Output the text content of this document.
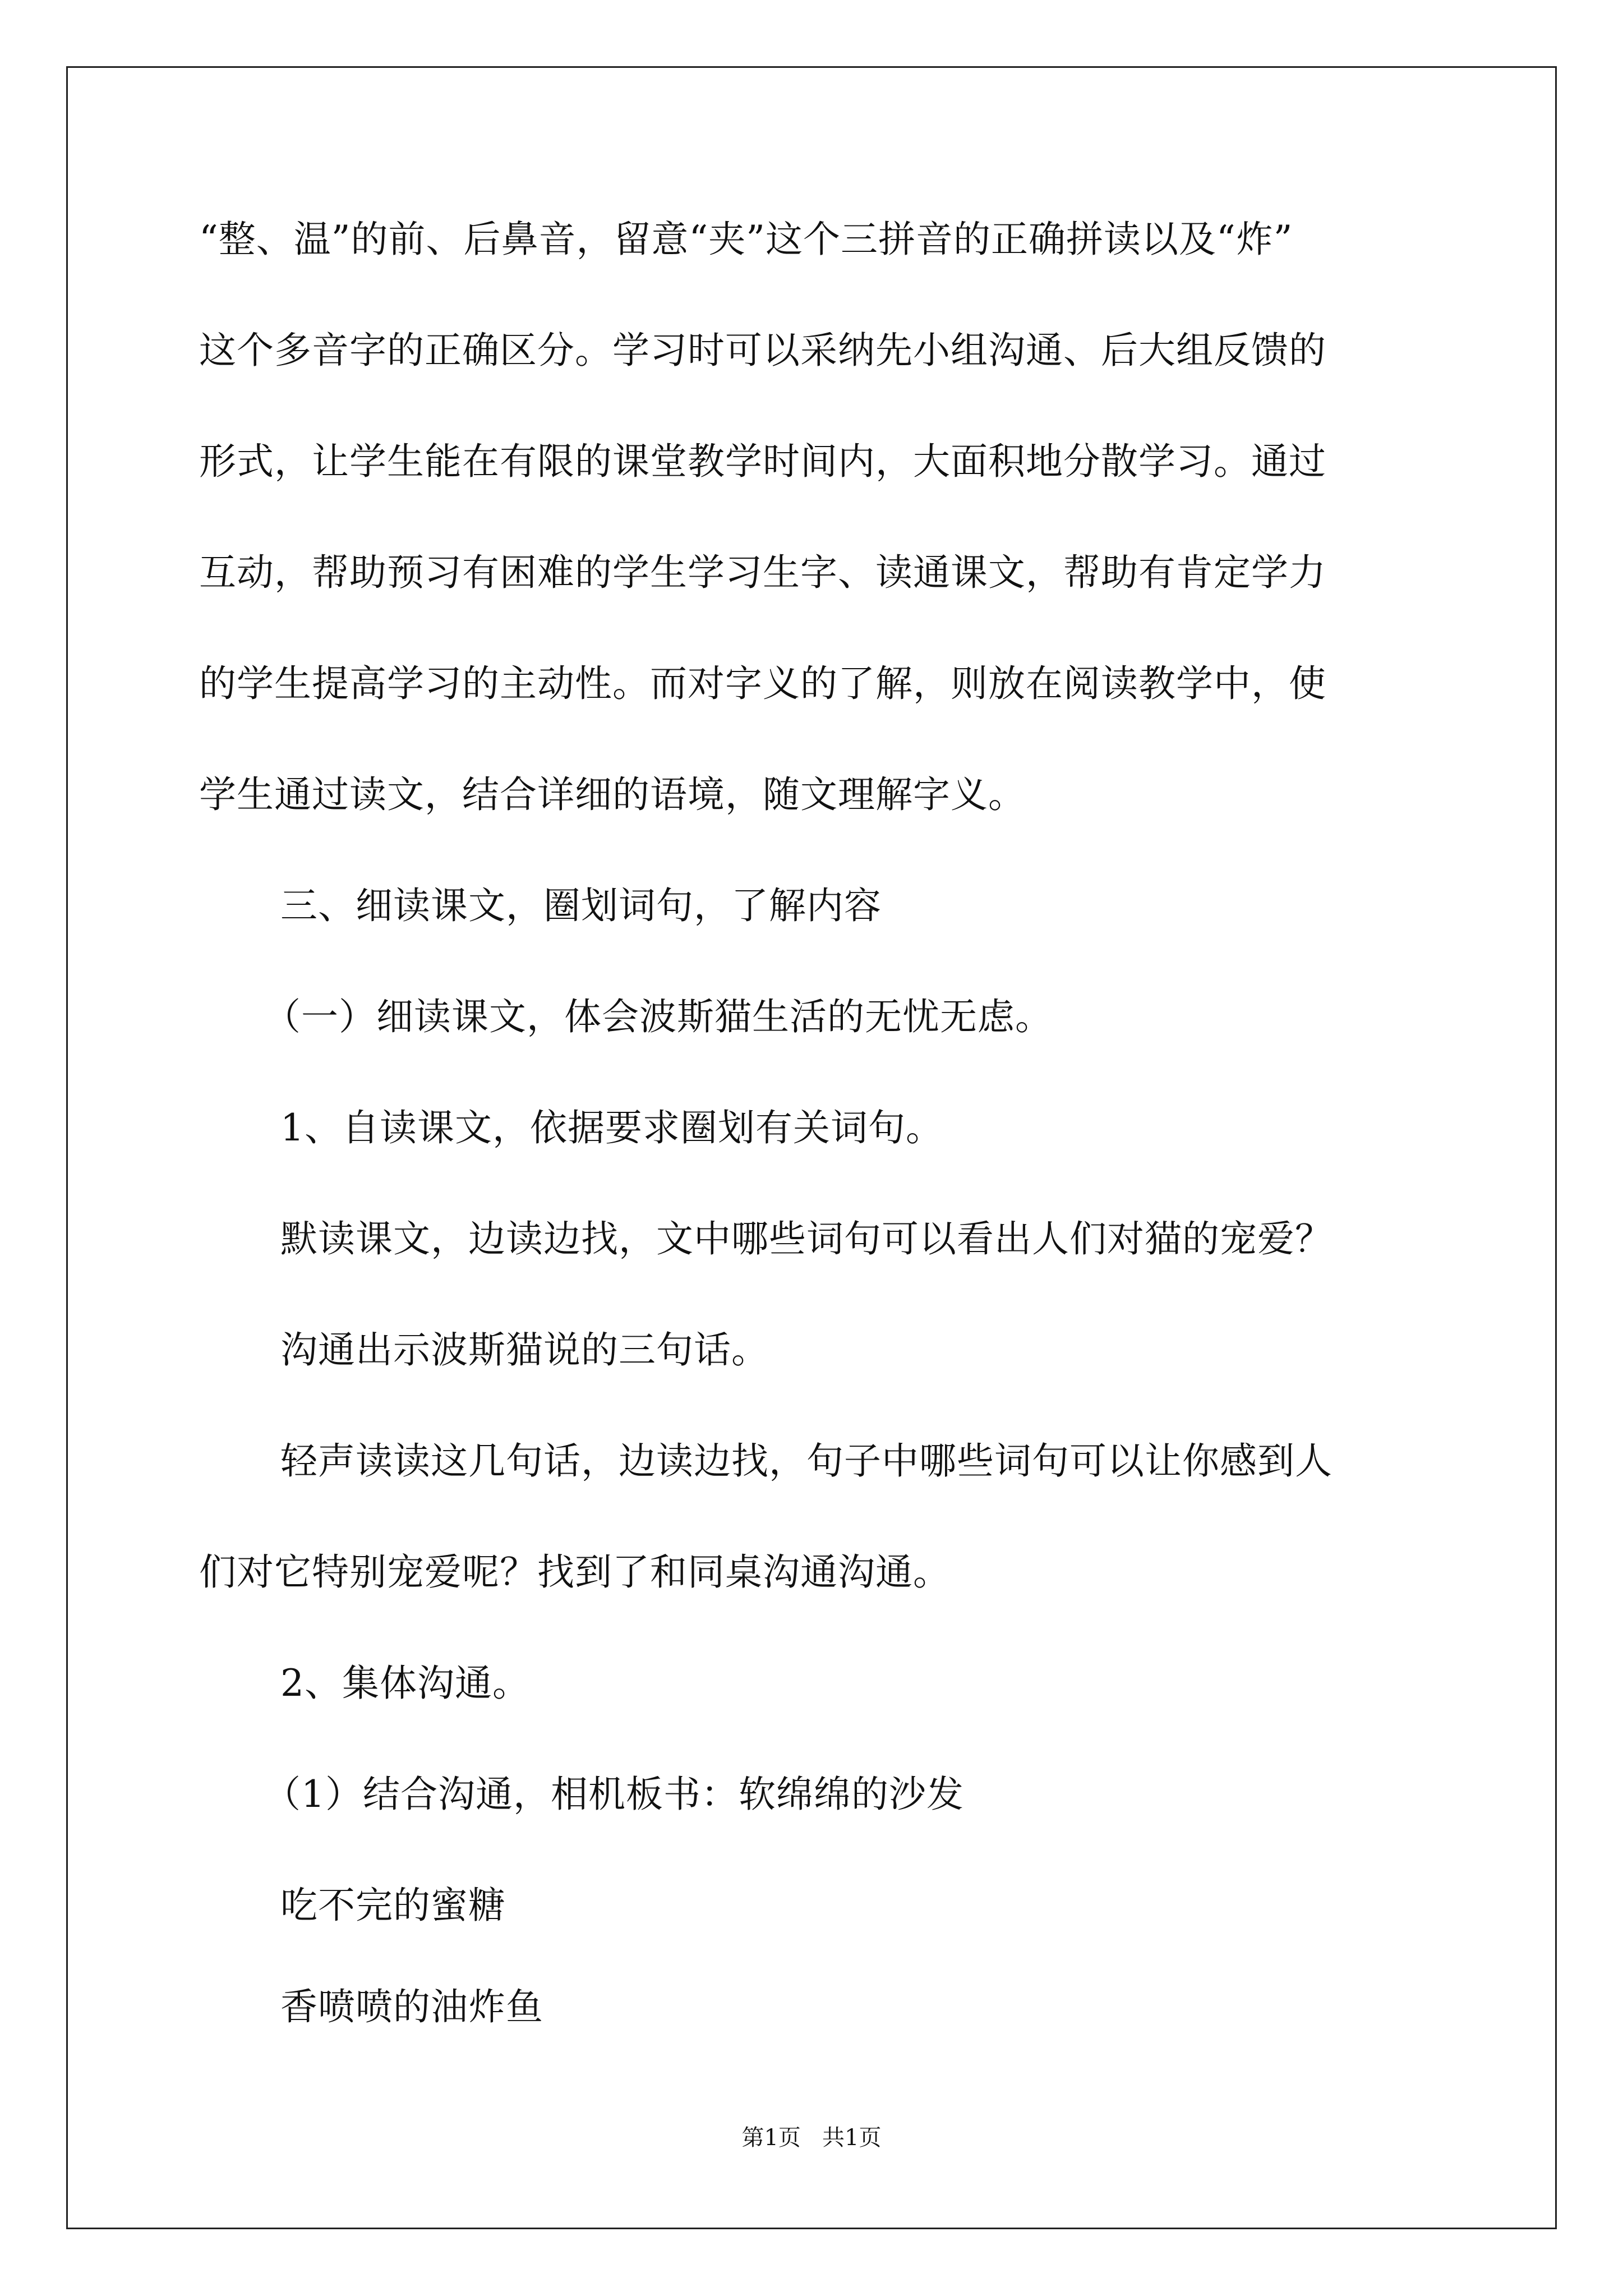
“整、温”的前、后鼻音，留意“夹”这个三拼音的正确拼读以及“炸”
这个多音字的正确区分。学习时可以采纳先小组沟通、后大组反馈的
形式，让学生能在有限的课堂教学时间内，大面积地分散学习。通过
互动，帮助预习有困难的学生学习生字、读通课文，帮助有肯定学力
的学生提高学习的主动性。而对字义的了解，则放在阅读教学中，使
学生通过读文，结合详细的语境，随文理解字义。
三、细读课文，圈划词句，了解内容
（一）细读课文，体会波斯猫生活的无忧无虑。
1、自读课文，依据要求圈划有关词句。
默读课文，边读边找，文中哪些词句可以看出人们对猫的宠爱？
沟通出示波斯猫说的三句话。
轻声读读这几句话，边读边找，句子中哪些词句可以让你感到人
们对它特别宠爱呢？找到了和同桌沟通沟通。
2、集体沟通。
（1）结合沟通，相机板书：软绵绵的沙发
吃不完的蜜糖
香喷喷的油炸鱼
第1页   共1页
